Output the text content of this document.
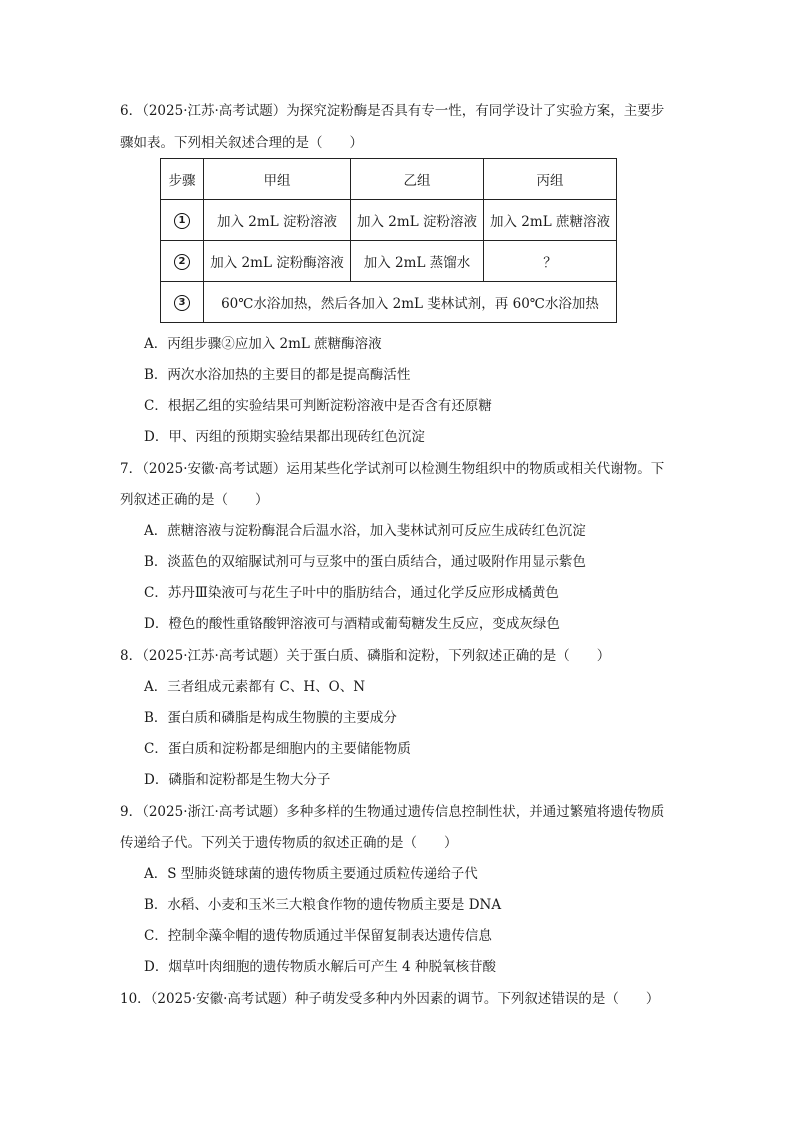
6．（2025·江苏·高考试题）为探究淀粉酶是否具有专一性，有同学设计了实验方案，主要步
骤如表。下列相关叙述合理的是（　　）
步骤	甲组	乙组	丙组
1	加入 2mL 淀粉溶液	加入 2mL 淀粉溶液	加入 2mL 蔗糖溶液
2	加入 2mL 淀粉酶溶液	加入 2mL 蒸馏水	？
3	60℃水浴加热，然后各加入 2mL 斐林试剂，再 60℃水浴加热		
A．丙组步骤②应加入 2mL 蔗糖酶溶液
B．两次水浴加热的主要目的都是提高酶活性
C．根据乙组的实验结果可判断淀粉溶液中是否含有还原糖
D．甲、丙组的预期实验结果都出现砖红色沉淀
7．（2025·安徽·高考试题）运用某些化学试剂可以检测生物组织中的物质或相关代谢物。下
列叙述正确的是（　　）
A．蔗糖溶液与淀粉酶混合后温水浴，加入斐林试剂可反应生成砖红色沉淀
B．淡蓝色的双缩脲试剂可与豆浆中的蛋白质结合，通过吸附作用显示紫色
C．苏丹Ⅲ染液可与花生子叶中的脂肪结合，通过化学反应形成橘黄色
D．橙色的酸性重铬酸钾溶液可与酒精或葡萄糖发生反应，变成灰绿色
8．（2025·江苏·高考试题）关于蛋白质、磷脂和淀粉，下列叙述正确的是（　　）
A．三者组成元素都有 C、H、O、N
B．蛋白质和磷脂是构成生物膜的主要成分
C．蛋白质和淀粉都是细胞内的主要储能物质
D．磷脂和淀粉都是生物大分子
9．（2025·浙江·高考试题）多种多样的生物通过遗传信息控制性状，并通过繁殖将遗传物质
传递给子代。下列关于遗传物质的叙述正确的是（　　）
A．S 型肺炎链球菌的遗传物质主要通过质粒传递给子代
B．水稻、小麦和玉米三大粮食作物的遗传物质主要是 DNA
C．控制伞藻伞帽的遗传物质通过半保留复制表达遗传信息
D．烟草叶肉细胞的遗传物质水解后可产生 4 种脱氧核苷酸
10．（2025·安徽·高考试题）种子萌发受多种内外因素的调节。下列叙述错误的是（　　）
